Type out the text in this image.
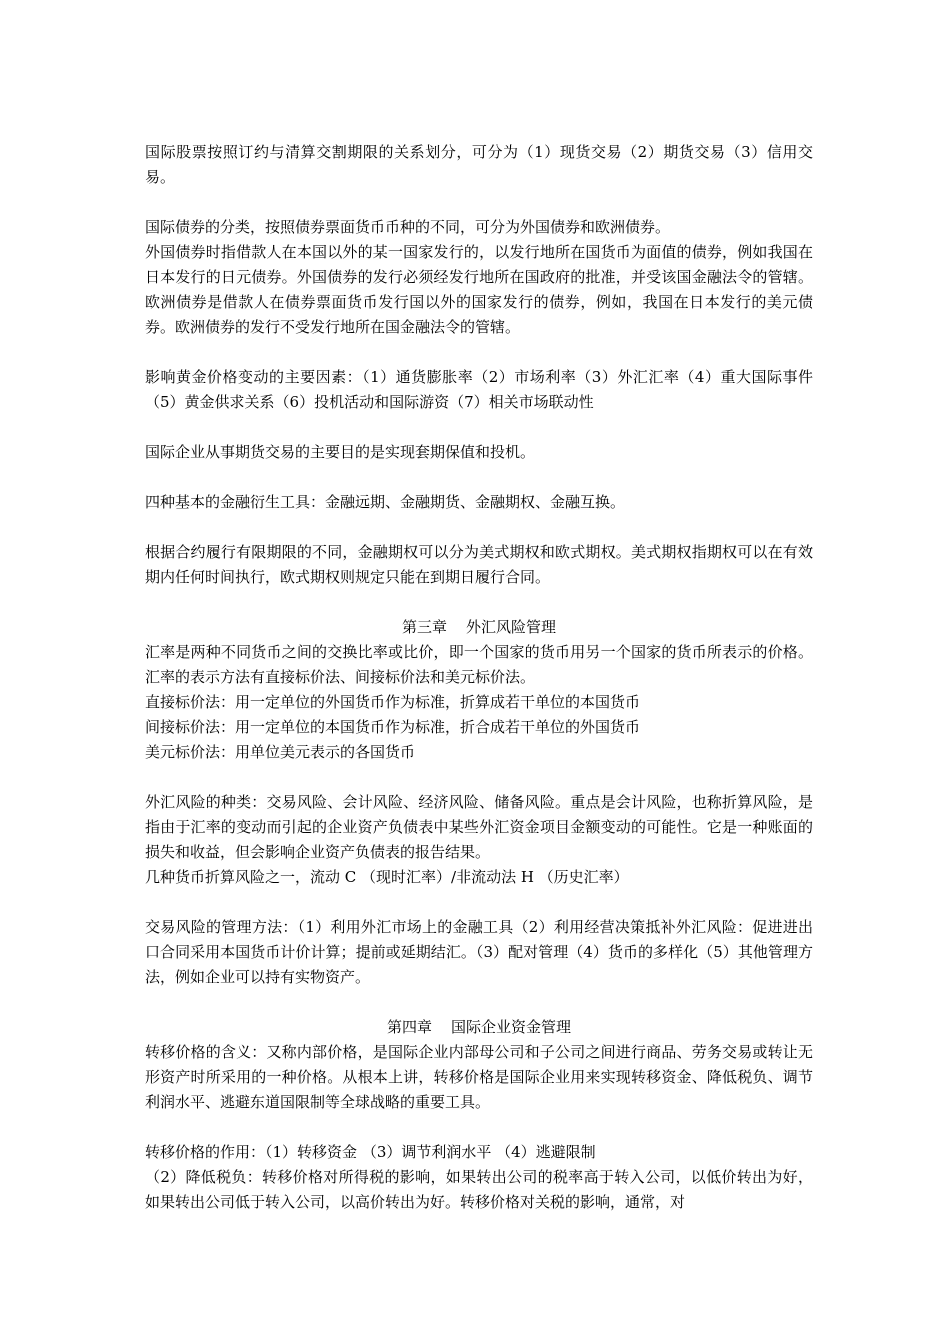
国际股票按照订约与清算交割期限的关系划分，可分为（1）现货交易（2）期货交易（3）信用交易。

国际债券的分类，按照债券票面货币币种的不同，可分为外国债券和欧洲债券。

外国债券时指借款人在本国以外的某一国家发行的，以发行地所在国货币为面值的债券，例如我国在日本发行的日元债券。外国债券的发行必须经发行地所在国政府的批准，并受该国金融法令的管辖。欧洲债券是借款人在债券票面货币发行国以外的国家发行的债券，例如，我国在日本发行的美元债券。欧洲债券的发行不受发行地所在国金融法令的管辖。

影响黄金价格变动的主要因素：（1）通货膨胀率（2）市场利率（3）外汇汇率（4）重大国际事件（5）黄金供求关系（6）投机活动和国际游资（7）相关市场联动性

国际企业从事期货交易的主要目的是实现套期保值和投机。

四种基本的金融衍生工具：金融远期、金融期货、金融期权、金融互换。

根据合约履行有限期限的不同，金融期权可以分为美式期权和欧式期权。美式期权指期权可以在有效期内任何时间执行，欧式期权则规定只能在到期日履行合同。

第三章    外汇风险管理

汇率是两种不同货币之间的交换比率或比价，即一个国家的货币用另一个国家的货币所表示的价格。汇率的表示方法有直接标价法、间接标价法和美元标价法。

直接标价法：用一定单位的外国货币作为标准，折算成若干单位的本国货币

间接标价法：用一定单位的本国货币作为标准，折合成若干单位的外国货币

美元标价法：用单位美元表示的各国货币

外汇风险的种类：交易风险、会计风险、经济风险、储备风险。重点是会计风险，也称折算风险，是指由于汇率的变动而引起的企业资产负债表中某些外汇资金项目金额变动的可能性。它是一种账面的损失和收益，但会影响企业资产负债表的报告结果。

几种货币折算风险之一，流动 C （现时汇率）/非流动法 H （历史汇率）

交易风险的管理方法：（1）利用外汇市场上的金融工具（2）利用经营决策抵补外汇风险：促进进出口合同采用本国货币计价计算；提前或延期结汇。（3）配对管理（4）货币的多样化（5）其他管理方法，例如企业可以持有实物资产。

第四章    国际企业资金管理

转移价格的含义：又称内部价格，是国际企业内部母公司和子公司之间进行商品、劳务交易或转让无形资产时所采用的一种价格。从根本上讲，转移价格是国际企业用来实现转移资金、降低税负、调节利润水平、逃避东道国限制等全球战略的重要工具。

转移价格的作用：（1）转移资金 （3）调节利润水平 （4）逃避限制

（2）降低税负：转移价格对所得税的影响，如果转出公司的税率高于转入公司，以低价转出为好，如果转出公司低于转入公司，以高价转出为好。转移价格对关税的影响，通常，对
